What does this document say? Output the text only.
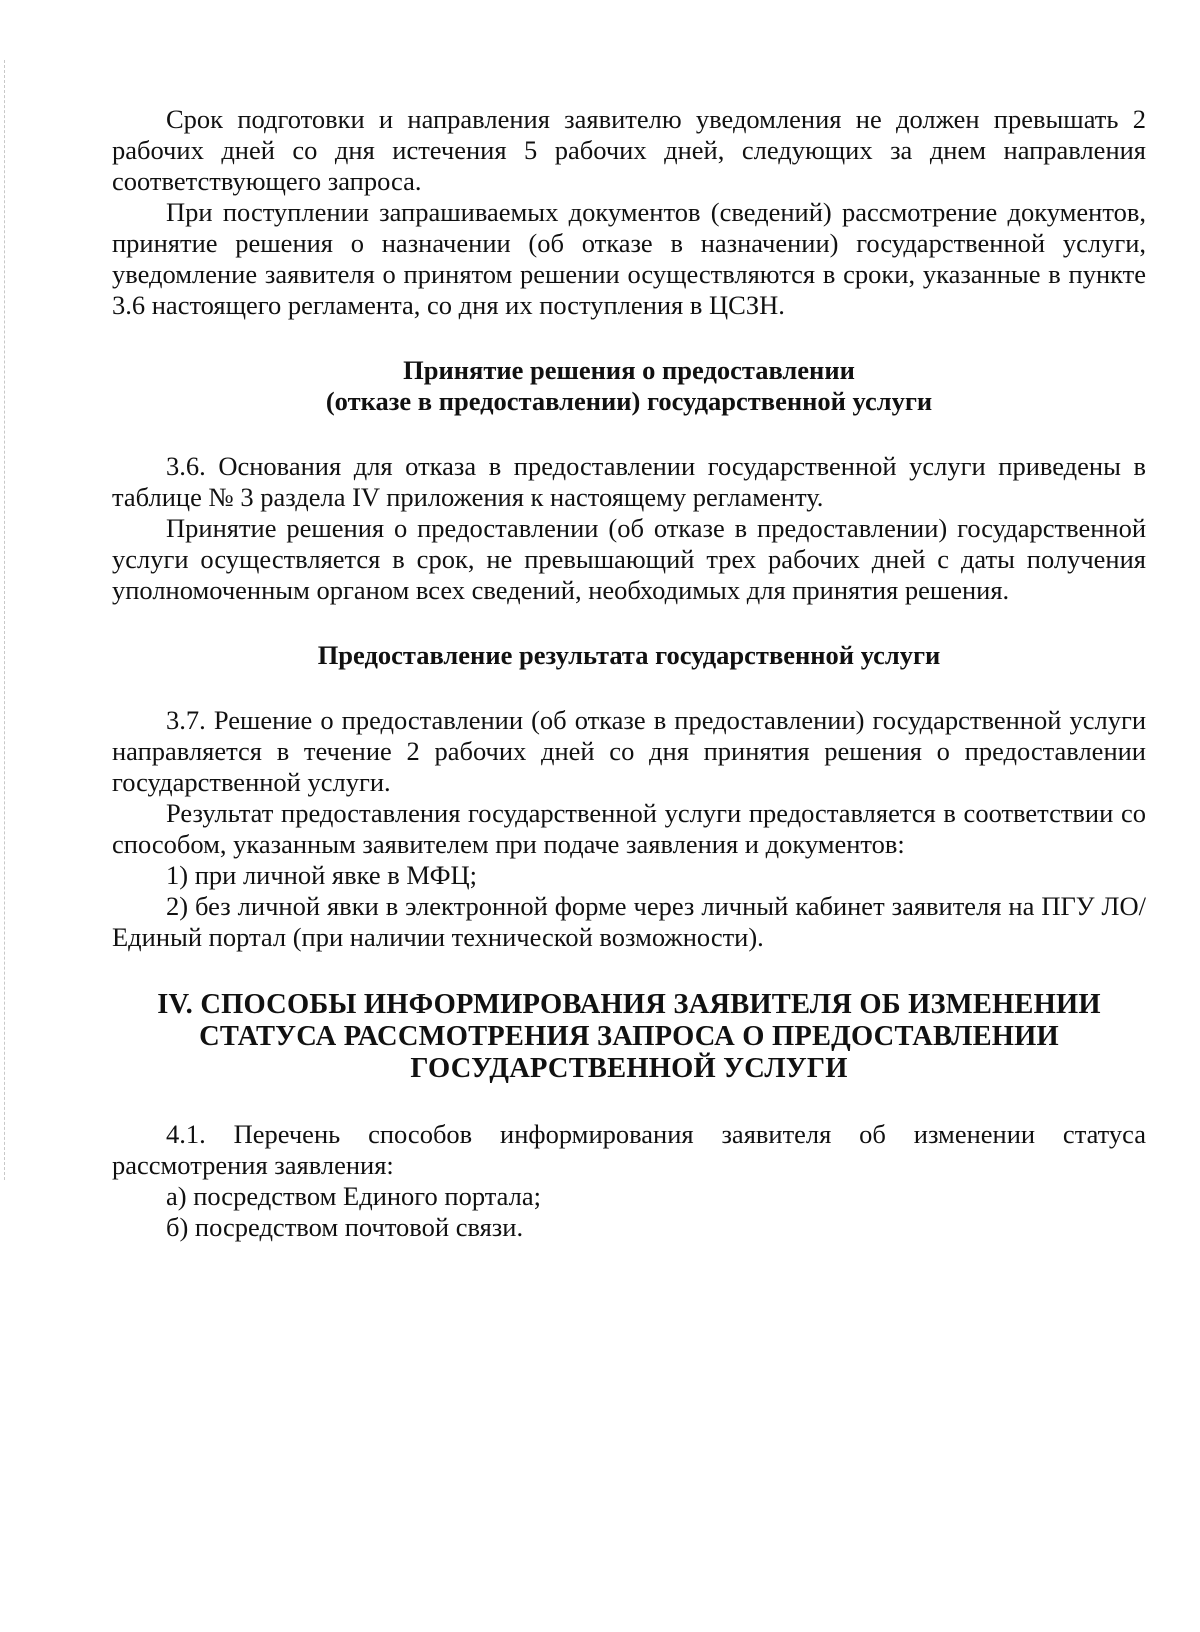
Срок подготовки и направления заявителю уведомления не должен превышать 2 рабочих дней со дня истечения 5 рабочих дней, следующих за днем направления соответствующего запроса.

При поступлении запрашиваемых документов (сведений) рассмотрение документов, принятие решения о назначении (об отказе в назначении) государственной услуги, уведомление заявителя о принятом решении осуществляются в сроки, указанные в пункте 3.6 настоящего регламента, со дня их поступления в ЦСЗН.

Принятие решения о предоставлении
(отказе в предоставлении) государственной услуги

3.6. Основания для отказа в предоставлении государственной услуги приведены в таблице № 3 раздела IV приложения к настоящему регламенту.

Принятие решения о предоставлении (об отказе в предоставлении) государственной услуги осуществляется в срок, не превышающий трех рабочих дней с даты получения уполномоченным органом всех сведений, необходимых для принятия решения.

Предоставление результата государственной услуги

3.7. Решение о предоставлении (об отказе в предоставлении) государственной услуги направляется в течение 2 рабочих дней со дня принятия решения о предоставлении государственной услуги.

Результат предоставления государственной услуги предоставляется в соответствии со способом, указанным заявителем при подаче заявления и документов:

1) при личной явке в МФЦ;

2) без личной явки в электронной форме через личный кабинет заявителя на ПГУ ЛО/Единый портал (при наличии технической возможности).

IV. СПОСОБЫ ИНФОРМИРОВАНИЯ ЗАЯВИТЕЛЯ ОБ ИЗМЕНЕНИИ
СТАТУСА РАССМОТРЕНИЯ ЗАПРОСА О ПРЕДОСТАВЛЕНИИ
ГОСУДАРСТВЕННОЙ УСЛУГИ

4.1. Перечень способов информирования заявителя об изменении статуса рассмотрения заявления:

а) посредством Единого портала;

б) посредством почтовой связи.
